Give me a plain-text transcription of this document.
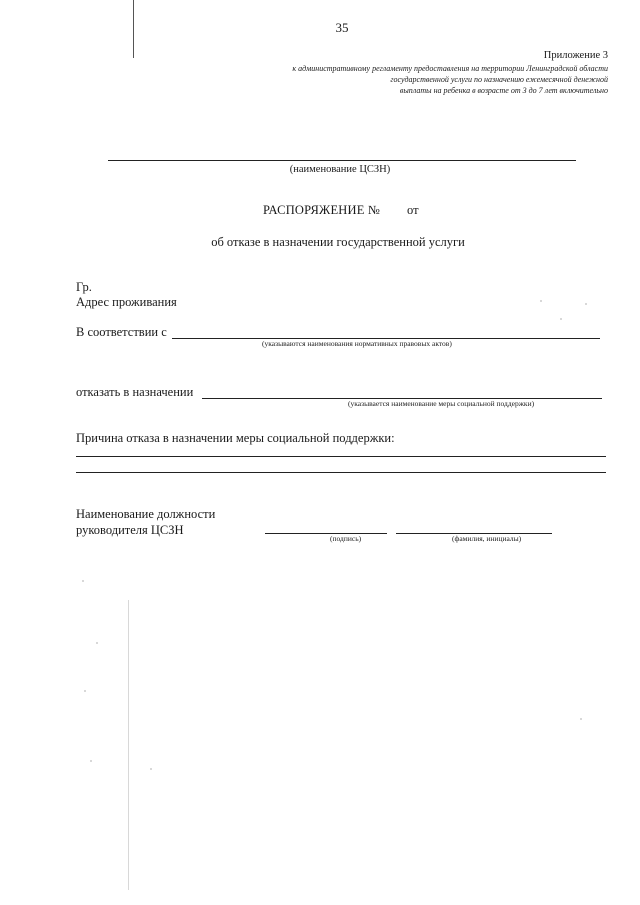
35
Приложение 3
к административному регламенту предоставления на территории Ленинградской области
государственной услуги по назначению ежемесячной денежной
выплаты на ребенка в возрасте от 3 до 7 лет включительно
(наименование ЦСЗН)
РАСПОРЯЖЕНИЕ № от
об отказе в назначении государственной услуги
Гр.
Адрес проживания
В соответствии с
(указываются наименования нормативных правовых актов)
отказать в назначении
(указывается наименование меры социальной поддержки)
Причина отказа в назначении меры социальной поддержки:
Наименование должности
руководителя ЦСЗН
(подпись)	(фамилия, инициалы)
